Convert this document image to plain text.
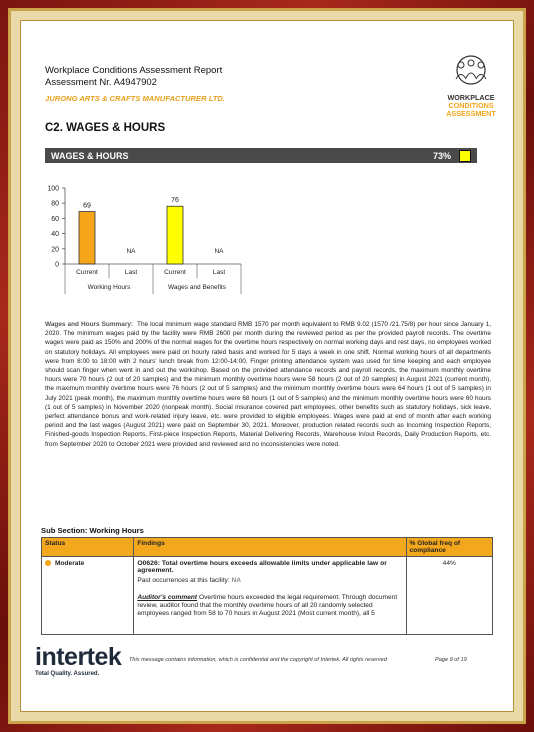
Workplace Conditions Assessment Report
Assessment Nr. A4947902
JURONG ARTS & CRAFTS MANUFACTURER LTD.	WORKPLACE
CONDITIONS
ASSESSMENT
C2. WAGES & HOURS
WAGES & HOURS	73%
0
20
40
60
80
100
69
NA
76
NA
Current	Last	Current	Last
Working Hours	Wages and Benefits
Wages and Hours Summary: The local minimum wage standard RMB 1570 per month equivalent to RMB 9.02 (1570 /21.75/8) per hour since January 1, 2020. The minimum wages paid by the facility were RMB 2600 per month during the reviewed period as per the provided payroll records. The overtime wages were paid as 150% and 200% of the normal wages for the overtime hours respectively on normal working days and rest days, no employees worked on statutory holidays. All employees were paid on hourly rated basis and worked for 5 days a week in one shift. Normal working hours of all departments were from 8:00 to 18:00 with 2 hours' lunch break from 12:00-14:00. Finger printing attendance system was used for time keeping and each employee should scan finger when went in and out the workshop. Based on the provided attendance records and payroll records, the maximum monthly overtime hours were 70 hours (2 out of 20 samples) and the minimum monthly overtime hours were 58 hours (2 out of 20 samples) in August 2021 (current month), the maximum monthly overtime hours were 76 hours (2 out of 5 samples) and the minimum monthly overtime hours were 64 hours (1 out of 5 samples) in July 2021 (peak month), the maximum monthly overtime hours were 68 hours (1 out of 5 samples) and the minimum monthly overtime hours were 60 hours (1 out of 5 samples) in November 2020 (nonpeak month). Social insurance covered part employees, other benefits such as statutory holidays, sick leave, perfect attendance bonus and work-related injury leave, etc. were provided to eligible employees. Wages were paid at end of month after each working period and the last wages (August 2021) were paid on September 30, 2021. Moreover, production related records such as Incoming Inspection Reports, Finished-goods Inspection Reports, First-piece Inspection Reports, Material Delivering Records, Warehouse In/out Records, Daily Production Reports, etc. from September 2020 to October 2021 were provided and reviewed and no inconsistencies were noted.
Sub Section: Working Hours
Status	Findings	% Global freq of compliance
Moderate	O0626: Total overtime hours exceeds allowable limits under applicable law or agreement.
Past occurrences at this facility: NA
Auditor's comment Overtime hours exceeded the legal requirement. Through document review, auditor found that the monthly overtime hours of all 20 randomly selected employees ranged from 58 to 70 hours in August 2021 (Most current month), all 5	44%
intertek
Total Quality. Assured.
This message contains information, which is confidential and the copyright of Intertek. All rights reserved	Page 9 of 19
